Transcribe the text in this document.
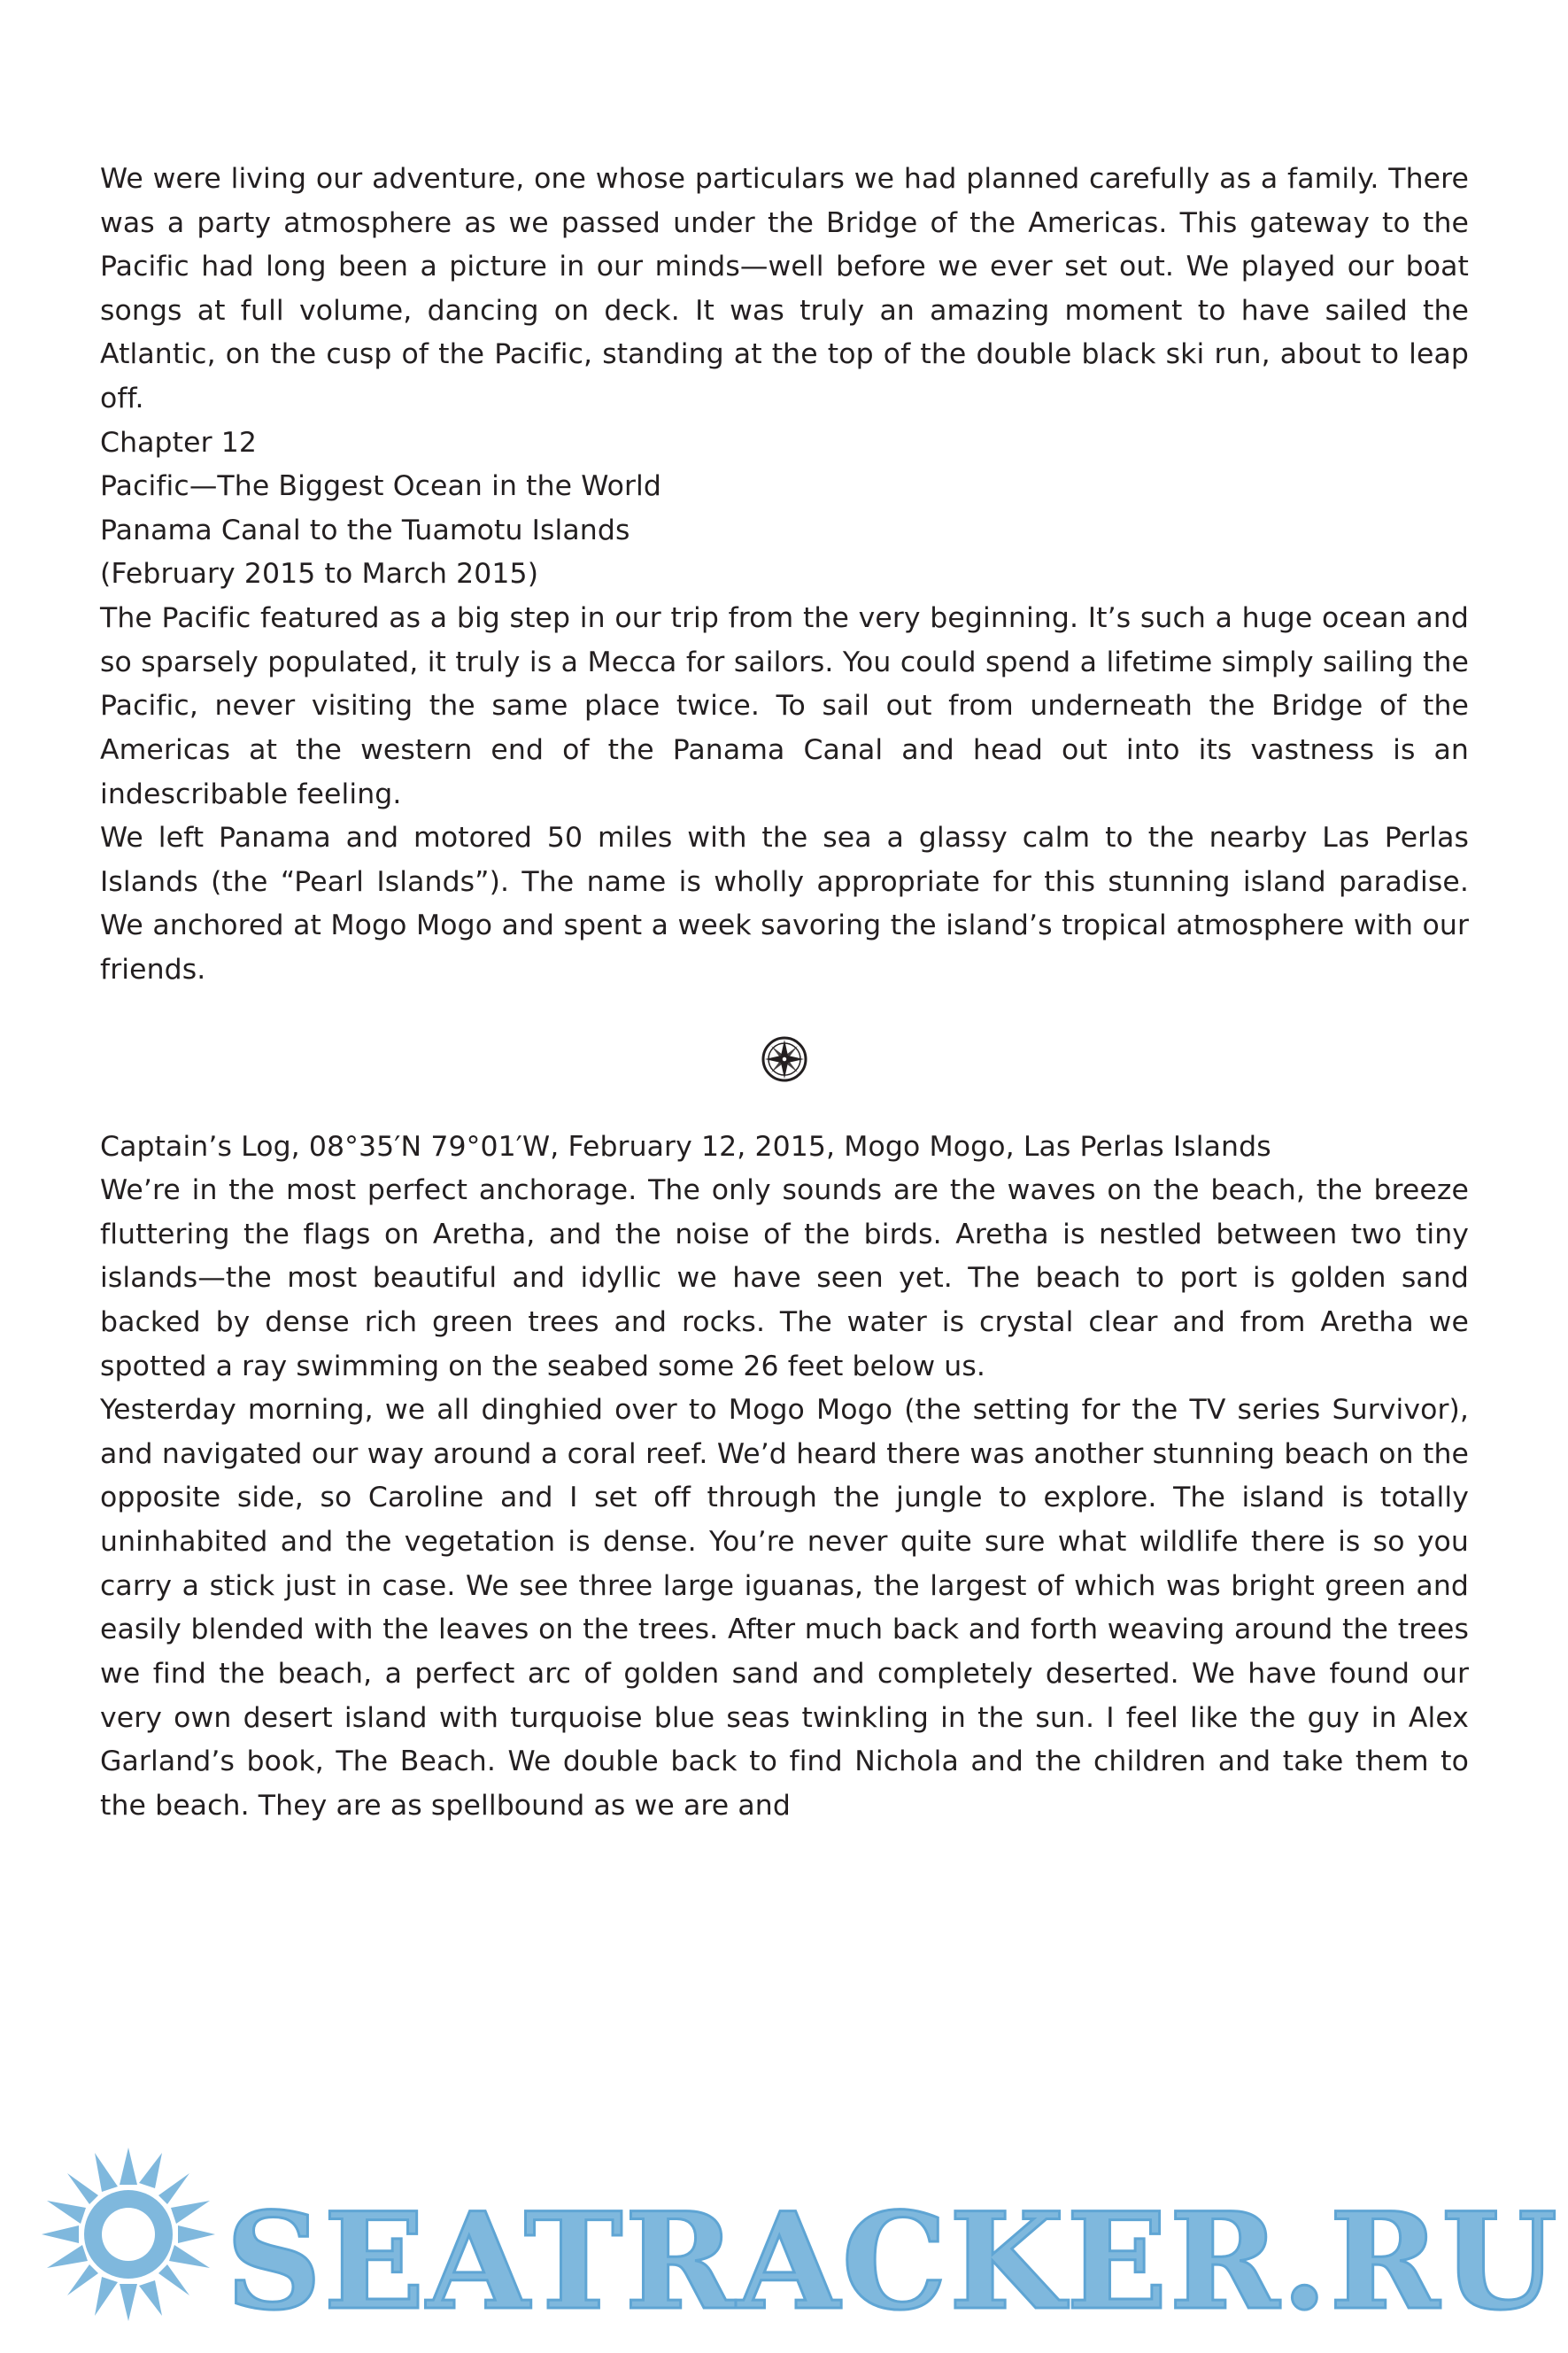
We were living our adventure, one whose particulars we had planned carefully as a family. There was a party atmosphere as we passed under the Bridge of the Americas. This gateway to the Pacific had long been a picture in our minds—well before we ever set out. We played our boat songs at full volume, dancing on deck. It was truly an amazing moment to have sailed the Atlantic, on the cusp of the Pacific, standing at the top of the double black ski run, about to leap off.

Chapter 12

Pacific—The Biggest Ocean in the World

Panama Canal to the Tuamotu Islands

(February 2015 to March 2015)

The Pacific featured as a big step in our trip from the very beginning. It’s such a huge ocean and so sparsely populated, it truly is a Mecca for sailors. You could spend a lifetime simply sailing the Pacific, never visiting the same place twice. To sail out from underneath the Bridge of the Americas at the western end of the Panama Canal and head out into its vastness is an indescribable feeling.

We left Panama and motored 50 miles with the sea a glassy calm to the nearby Las Perlas Islands (the “Pearl Islands”). The name is wholly appropriate for this stunning island paradise. We anchored at Mogo Mogo and spent a week savoring the island’s tropical atmosphere with our friends.

Captain’s Log, 08°35′N 79°01′W, February 12, 2015, Mogo Mogo, Las Perlas Islands

We’re in the most perfect anchorage. The only sounds are the waves on the beach, the breeze fluttering the flags on Aretha, and the noise of the birds. Aretha is nestled between two tiny islands—the most beautiful and idyllic we have seen yet. The beach to port is golden sand backed by dense rich green trees and rocks. The water is crystal clear and from Aretha we spotted a ray swimming on the seabed some 26 feet below us.

Yesterday morning, we all dinghied over to Mogo Mogo (the setting for the TV series Survivor), and navigated our way around a coral reef. We’d heard there was another stunning beach on the opposite side, so Caroline and I set off through the jungle to explore. The island is totally uninhabited and the vegetation is dense. You’re never quite sure what wildlife there is so you carry a stick just in case. We see three large iguanas, the largest of which was bright green and easily blended with the leaves on the trees. After much back and forth weaving around the trees we find the beach, a perfect arc of golden sand and completely deserted. We have found our very own desert island with turquoise blue seas twinkling in the sun. I feel like the guy in Alex Garland’s book, The Beach. We double back to find Nichola and the children and take them to the beach. They are as spellbound as we are and

SEATRACKER.RU
